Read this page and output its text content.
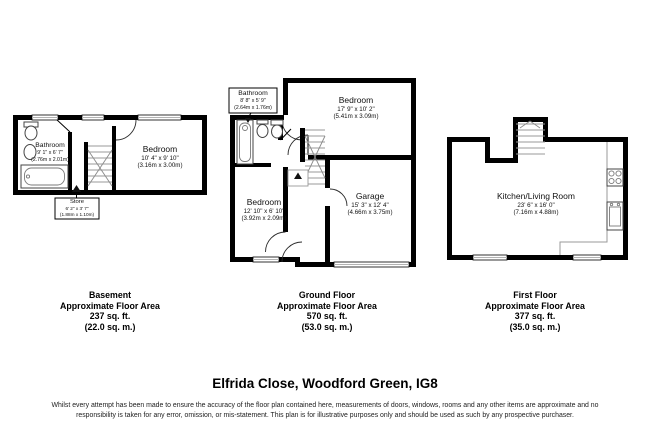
Bathroom
9' 1" x 6' 7"
(2.76m x 2.01m)
Bedroom
10' 4" x 9' 10"
(3.16m x 3.00m)
Store
6' 2" x 3' 7"
(1.88m x 1.10m)
Bathroom
8' 8" x 5' 9"
(2.64m x 1.76m)
Bedroom
17' 9" x 10' 2"
(5.41m x 3.09m)
Bedroom
12' 10" x 6' 10"
(3.92m x 2.09m)
Garage
15' 3" x 12' 4"
(4.66m x 3.75m)
Kitchen/Living Room
23' 6" x 16' 0"
(7.16m x 4.88m)
Basement
Approximate Floor Area
237 sq. ft.
(22.0 sq. m.)
Ground Floor
Approximate Floor Area
570 sq. ft.
(53.0 sq. m.)
First Floor
Approximate Floor Area
377 sq. ft.
(35.0 sq. m.)
Elfrida Close, Woodford Green, IG8
Whilst every attempt has been made to ensure the accuracy of the floor plan contained here, measurements of doors, windows, rooms and any other items are approximate and no
responsibility is taken for any error, omission, or mis-statement. This plan is for illustrative purposes only and should be used as such by any prospective purchaser.
